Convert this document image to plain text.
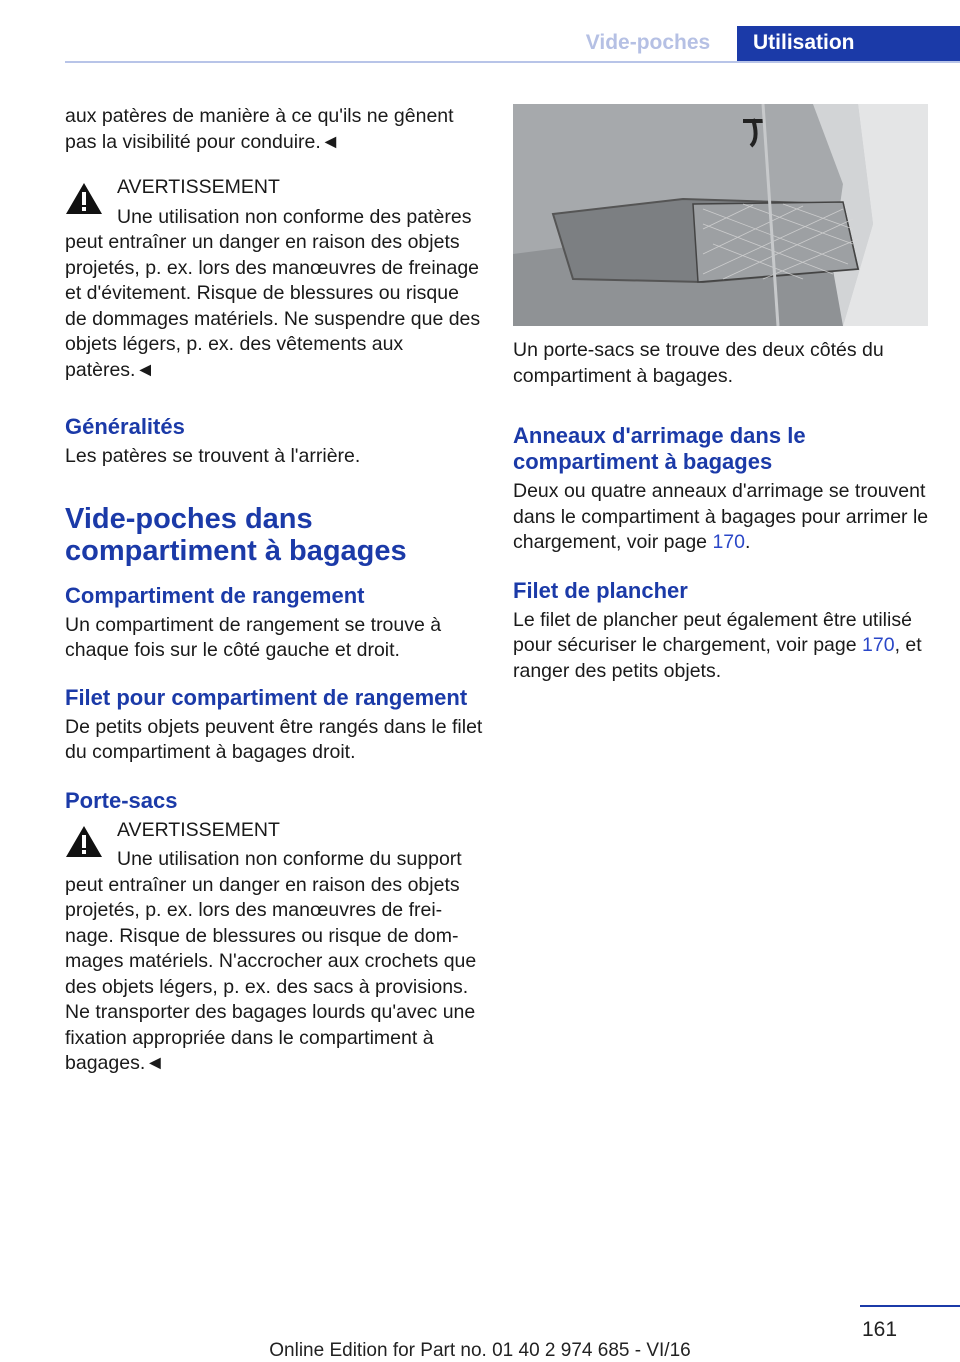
Vide-poches	Utilisation

aux patères de manière à ce qu'ils ne gênent pas la visibilité pour conduire.◄

AVERTISSEMENT

Une utilisation non conforme des patères peut entraîner un danger en raison des objets projetés, p. ex. lors des manœuvres de freinage et d'évitement. Risque de blessures ou risque de dommages matériels. Ne suspendre que des objets légers, p. ex. des vêtements aux patères.◄

Généralités

Les patères se trouvent à l'arrière.

Vide-poches dans compartiment à bagages

Compartiment de rangement

Un compartiment de rangement se trouve à chaque fois sur le côté gauche et droit.

Filet pour compartiment de rangement

De petits objets peuvent être rangés dans le filet du compartiment à bagages droit.

Porte-sacs

AVERTISSEMENT

Une utilisation non conforme du support peut entraîner un danger en raison des objets projetés, p. ex. lors des manœuvres de freinage. Risque de blessures ou risque de dommages matériels. N'accrocher aux crochets que des objets légers, p. ex. des sacs à provisions. Ne transporter des bagages lourds qu'avec une fixation appropriée dans le compartiment à bagages.◄

Un porte-sacs se trouve des deux côtés du compartiment à bagages.

Anneaux d'arrimage dans le compartiment à bagages

Deux ou quatre anneaux d'arrimage se trouvent dans le compartiment à bagages pour arrimer le chargement, voir page 170.

Filet de plancher

Le filet de plancher peut également être utilisé pour sécuriser le chargement, voir page 170, et ranger des petits objets.

161
Online Edition for Part no. 01 40 2 974 685 - VI/16
